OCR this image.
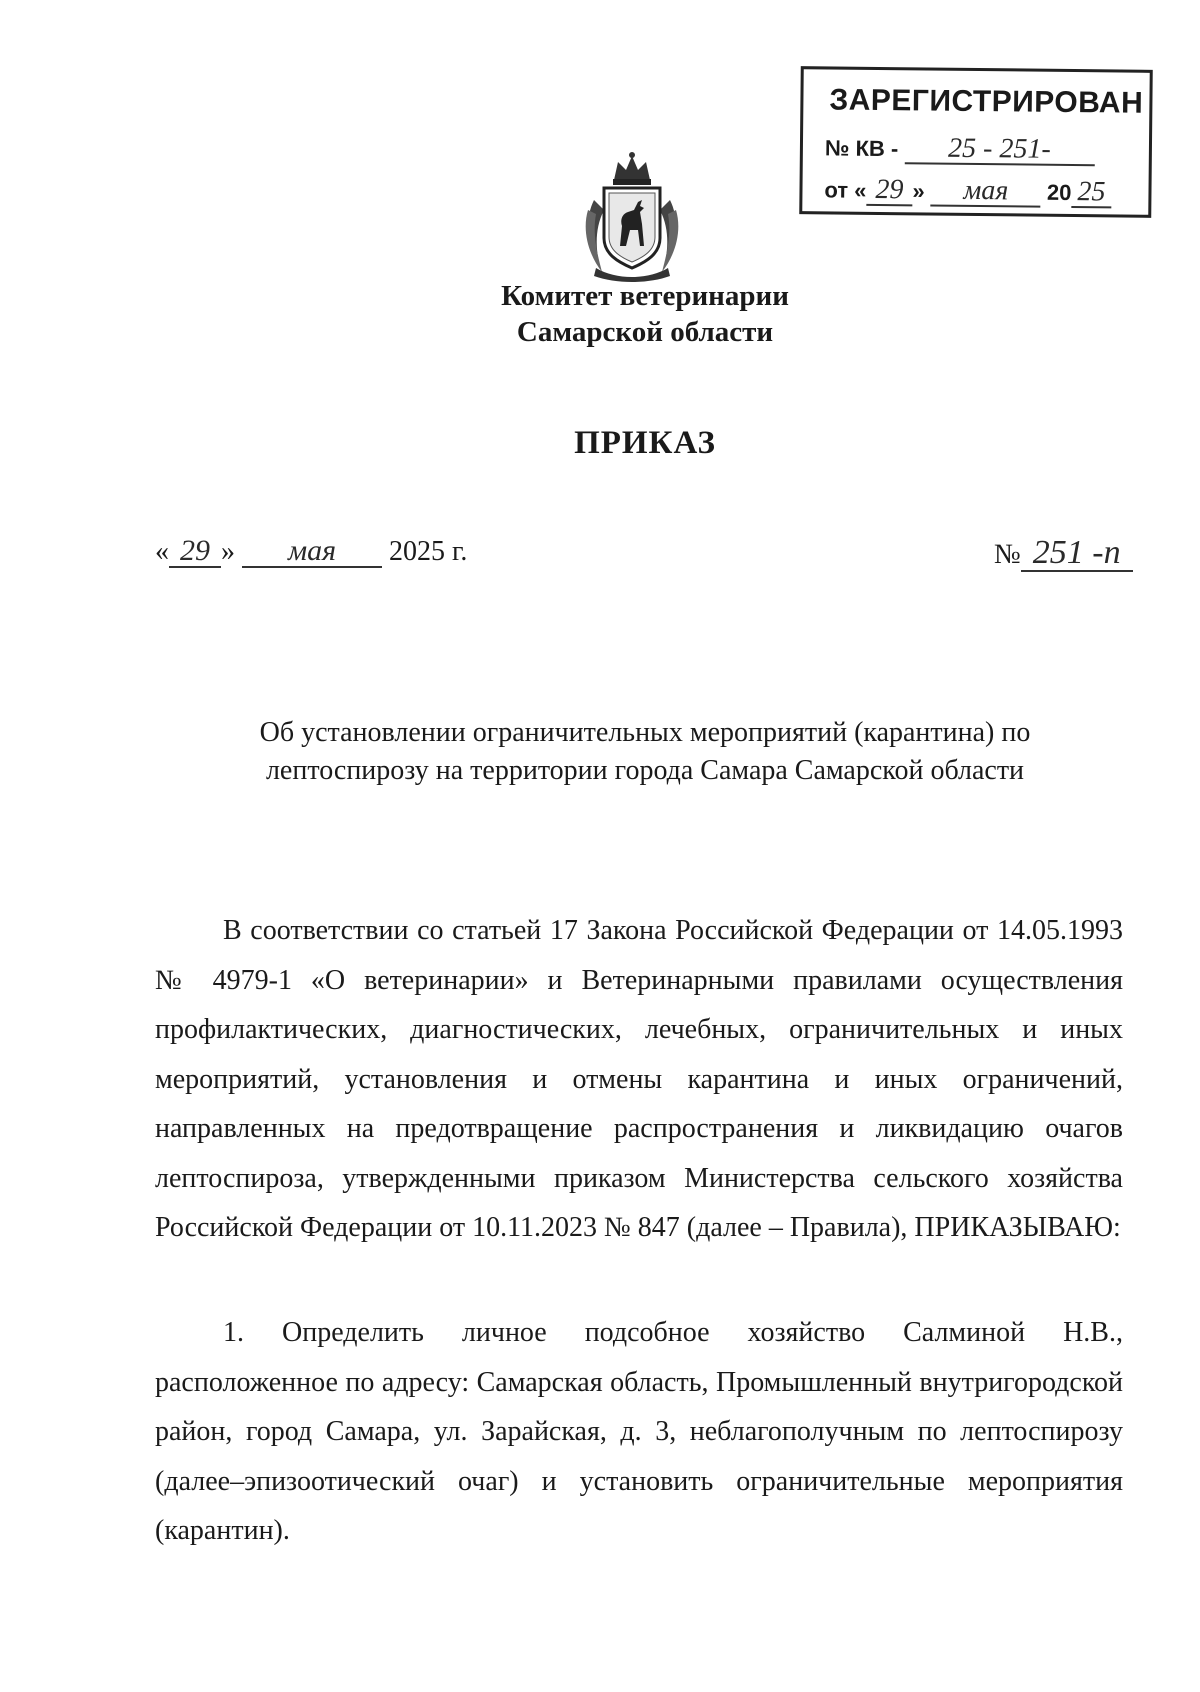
ЗАРЕГИСТРИРОВАН
№ КВ - 25 - 251-
от « 29 » мая 20 25
Комитет ветеринарии
Самарской области
ПРИКАЗ
« 29 » мая 2025 г.	№ 251 -п
Об установлении ограничительных мероприятий (карантина) по
лептоспирозу на территории города Самара Самарской области
В соответствии со статьей 17 Закона Российской Федерации от 14.05.1993 № 4979-1 «О ветеринарии» и Ветеринарными правилами осуществления профилактических, диагностических, лечебных, ограничительных и иных мероприятий, установления и отмены карантина и иных ограничений, направленных на предотвращение распространения и ликвидацию очагов лептоспироза, утвержденными приказом Министерства сельского хозяйства Российской Федерации от 10.11.2023 № 847 (далее – Правила), ПРИКАЗЫВАЮ:
1. Определить личное подсобное хозяйство Салминой Н.В., расположенное по адресу: Самарская область, Промышленный внутригородской район, город Самара, ул. Зарайская, д. 3, неблагополучным по лептоспирозу (далее–эпизоотический очаг) и установить ограничительные мероприятия (карантин).
